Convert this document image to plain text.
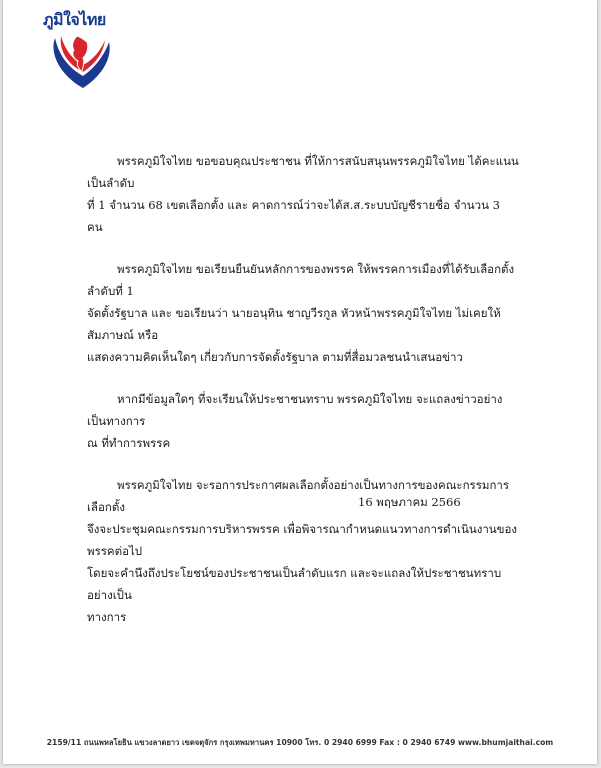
ภูมิใจไทย

พรรคภูมิใจไทย ขอขอบคุณประชาชน ที่ให้การสนับสนุนพรรคภูมิใจไทย ได้คะแนนเป็นลำดับ
ที่ 1 จำนวน 68 เขตเลือกตั้ง และ คาดการณ์ว่าจะได้ส.ส.ระบบบัญชีรายชื่อ จำนวน 3 คน

พรรคภูมิใจไทย ขอเรียนยืนยันหลักการของพรรค ให้พรรคการเมืองที่ได้รับเลือกตั้งลำดับที่ 1
จัดตั้งรัฐบาล และ ขอเรียนว่า นายอนุทิน ชาญวีรกูล หัวหน้าพรรคภูมิใจไทย ไม่เคยให้สัมภาษณ์ หรือ
แสดงความคิดเห็นใดๆ เกี่ยวกับการจัดตั้งรัฐบาล ตามที่สื่อมวลชนนำเสนอข่าว

หากมีข้อมูลใดๆ ที่จะเรียนให้ประชาชนทราบ พรรคภูมิใจไทย จะแถลงข่าวอย่างเป็นทางการ
ณ ที่ทำการพรรค

พรรคภูมิใจไทย จะรอการประกาศผลเลือกตั้งอย่างเป็นทางการของคณะกรรมการเลือกตั้ง
จึงจะประชุมคณะกรรมการบริหารพรรค เพื่อพิจารณากำหนดแนวทางการดำเนินงานของพรรคต่อไป
โดยจะคำนึงถึงประโยชน์ของประชาชนเป็นลำดับแรก และจะแถลงให้ประชาชนทราบอย่างเป็น
ทางการ

16 พฤษภาคม 2566
2159/11 ถนนพหลโยธิน แขวงลาดยาว เขตจตุจักร กรุงเทพมหานคร 10900 โทร. 0 2940 6999 Fax : 0 2940 6749 www.bhumjaithai.com
